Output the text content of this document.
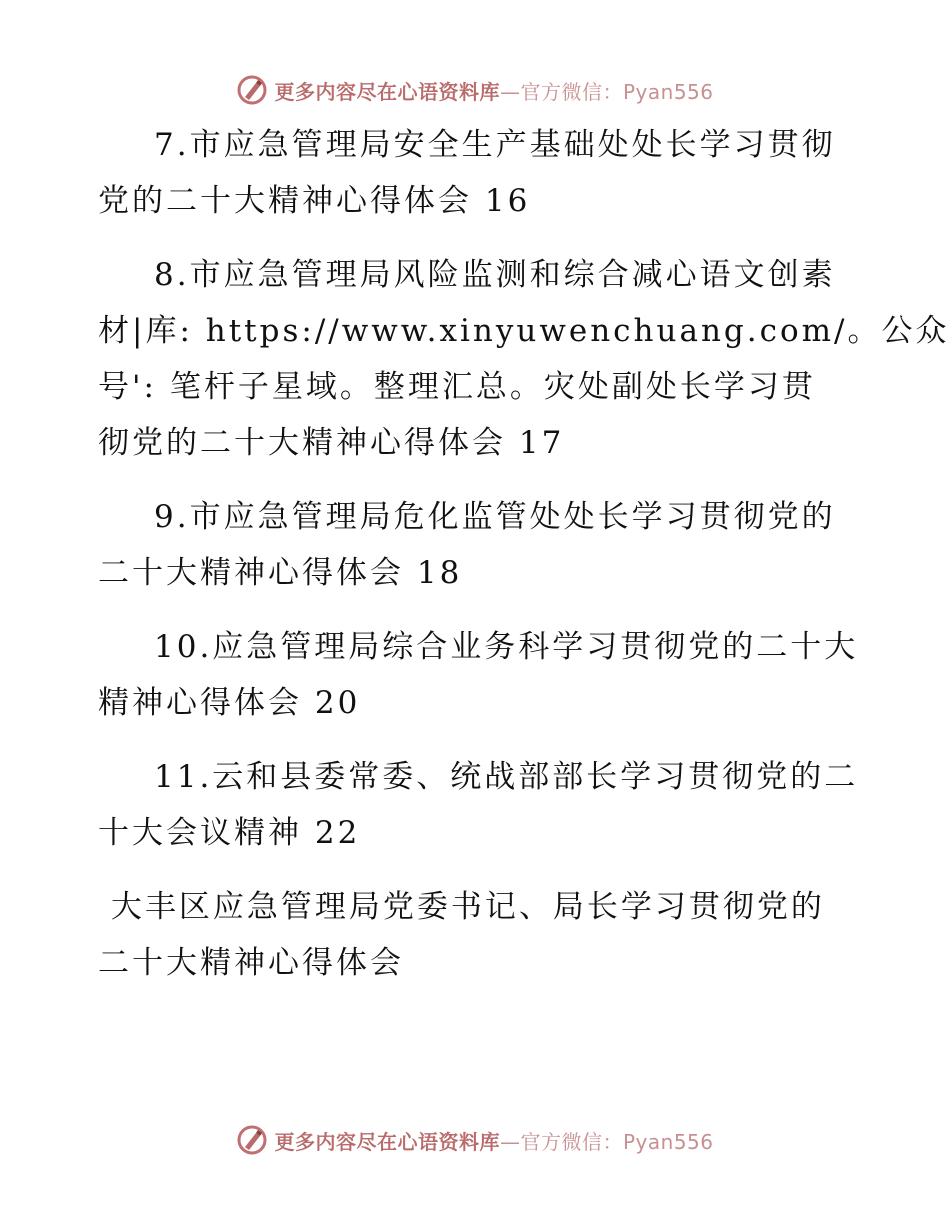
更多内容尽在心语资料库—官方微信：Pyan556
7.市应急管理局安全生产基础处处长学习贯彻
党的二十大精神心得体会 16
8.市应急管理局风险监测和综合减心语文创素
材|库: https://www.xinyuwenchuang.com/。公众
号': 笔杆子星域。整理汇总。灾处副处长学习贯
彻党的二十大精神心得体会 17
9.市应急管理局危化监管处处长学习贯彻党的
二十大精神心得体会 18
10.应急管理局综合业务科学习贯彻党的二十大
精神心得体会 20
11.云和县委常委、统战部部长学习贯彻党的二
十大会议精神 22
大丰区应急管理局党委书记、局长学习贯彻党的
二十大精神心得体会
更多内容尽在心语资料库—官方微信：Pyan556
